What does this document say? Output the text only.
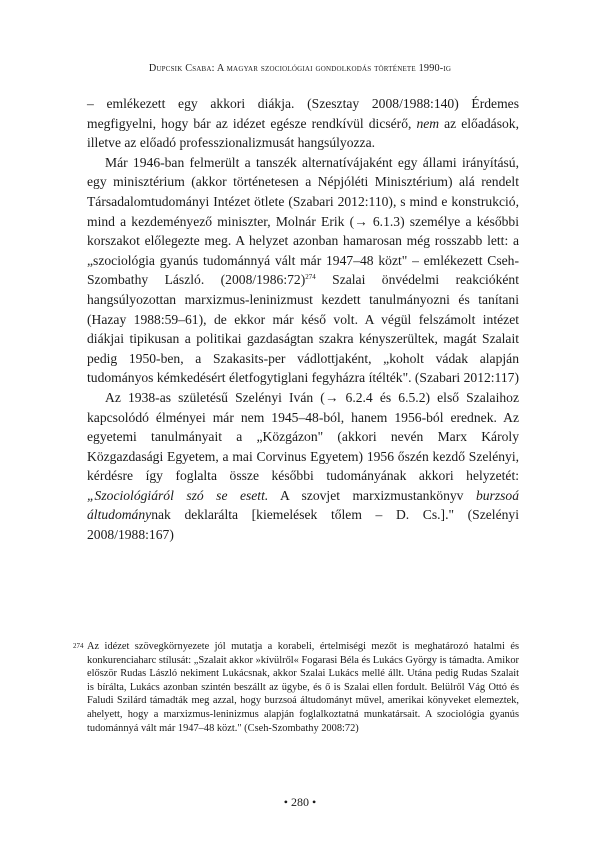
Dupcsik Csaba: A magyar szociológiai gondolkodás története 1990-ig

– emlékezett egy akkori diákja. (Szesztay 2008/1988:140) Érdemes megfigyelni, hogy bár az idézet egésze rendkívül dicsérő, nem az előadások, illetve az előadó professzionalizmusát hangsúlyozza.

Már 1946-ban felmerült a tanszék alternatívájaként egy állami irányítású, egy minisztérium (akkor történetesen a Népjóléti Minisztérium) alá rendelt Társadalomtudományi Intézet ötlete (Szabari 2012:110), s mind e konstrukció, mind a kezdeményező miniszter, Molnár Erik (→ 6.1.3) személye a későbbi korszakot előlegezte meg. A helyzet azonban hamarosan még rosszabb lett: a „szociológia gyanús tudománnyá vált már 1947–48 közt" – emlékezett Cseh-Szombathy László. (2008/1986:72)$^{274}$ Szalai önvédelmi reakcióként hangsúlyozottan marxizmus-leninizmust kezdett tanulmányozni és tanítani (Hazay 1988:59–61), de ekkor már késő volt. A végül felszámolt intézet diákjai tipikusan a politikai gazdaságtan szakra kényszerültek, magát Szalait pedig 1950-ben, a Szakasits-per vádlottjaként, „koholt vádak alapján tudományos kémkedésért életfogytiglani fegyházra ítélték". (Szabari 2012:117)

Az 1938-as születésű Szelényi Iván (→ 6.2.4 és 6.5.2) első Szalaihoz kapcsolódó élményei már nem 1945–48-ból, hanem 1956-ból erednek. Az egyetemi tanulmányait a „Közgázon" (akkori nevén Marx Károly Közgazdasági Egyetem, a mai Corvinus Egyetem) 1956 őszén kezdő Szelényi, kérdésre így foglalta össze későbbi tudományának akkori helyzetét: „Szociológiáról szó se esett. A szovjet marxizmustankönyv burzsoá áltudománynak deklarálta [kiemelések tőlem – D. Cs.]." (Szelényi 2008/1988:167)

274 Az idézet szövegkörnyezete jól mutatja a korabeli, értelmiségi mezőt is meghatározó hatalmi és konkurenciaharc stílusát: „Szalait akkor »kívülről« Fogarasi Béla és Lukács György is támadta. Amikor először Rudas László nekiment Lukácsnak, akkor Szalai Lukács mellé állt. Utána pedig Rudas Szalait is bírálta, Lukács azonban szintén beszállt az ügybe, és ő is Szalai ellen fordult. Belülről Vág Ottó és Faludi Szilárd támadták meg azzal, hogy burzsoá áltudományt művel, amerikai könyveket elemeztek, ahelyett, hogy a marxizmus-leninizmus alapján foglalkoztatná munkatársait. A szociológia gyanús tudománnyá vált már 1947–48 közt." (Cseh-Szombathy 2008:72)
• 280 •
